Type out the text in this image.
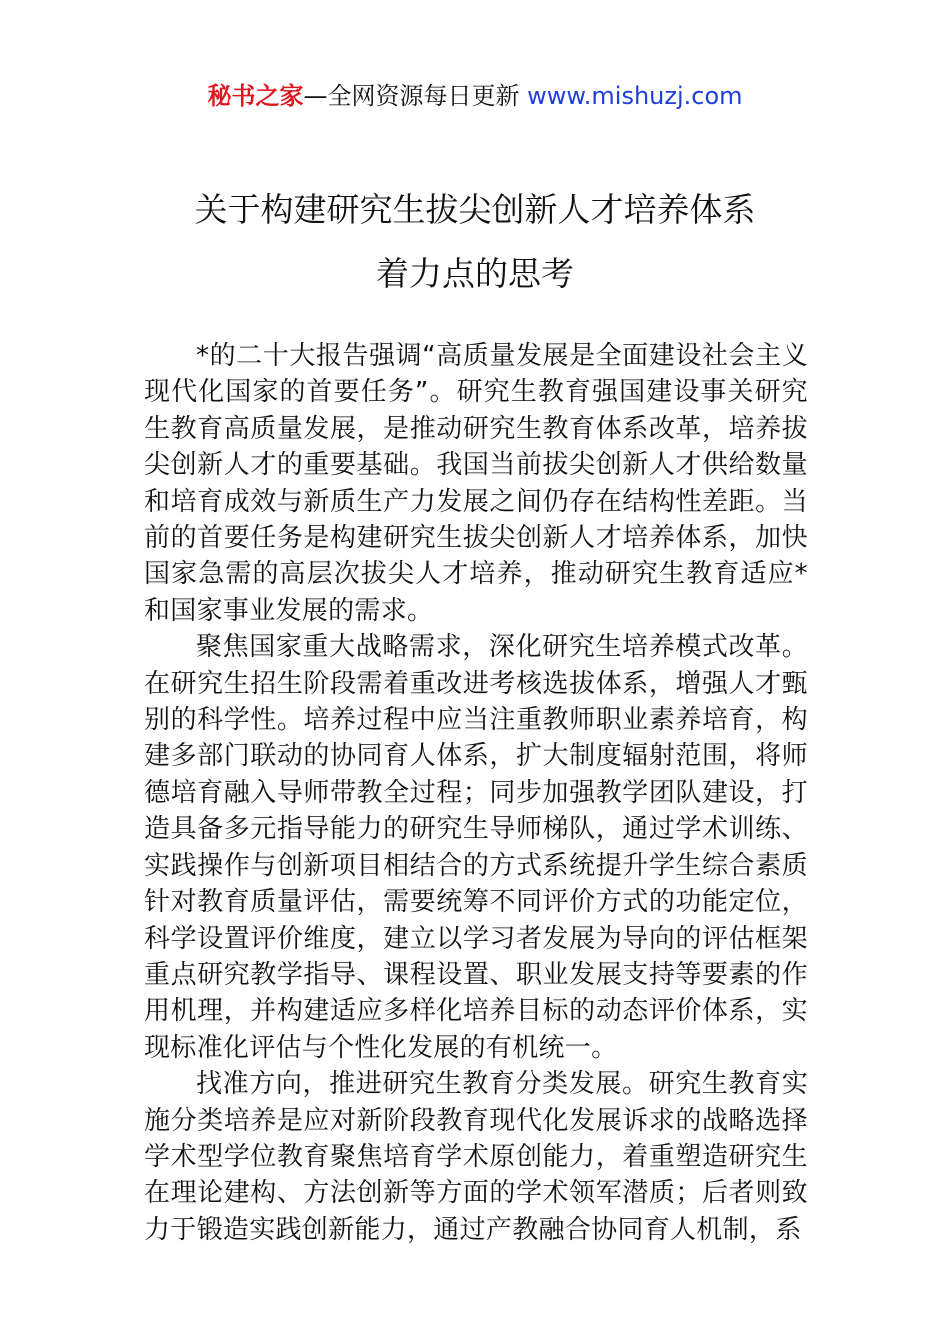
秘书之家—全网资源每日更新 www.mishuzj.com
关于构建研究生拔尖创新人才培养体系
着力点的思考

*的二十大报告强调“高质量发展是全面建设社会主义现代化国家的首要任务”。研究生教育强国建设事关研究生教育高质量发展，是推动研究生教育体系改革，培养拔尖创新人才的重要基础。我国当前拔尖创新人才供给数量和培育成效与新质生产力发展之间仍存在结构性差距。当前的首要任务是构建研究生拔尖创新人才培养体系，加快国家急需的高层次拔尖人才培养，推动研究生教育适应*和国家事业发展的需求。

聚焦国家重大战略需求，深化研究生培养模式改革。在研究生招生阶段需着重改进考核选拔体系，增强人才甄别的科学性。培养过程中应当注重教师职业素养培育，构建多部门联动的协同育人体系，扩大制度辐射范围，将师德培育融入导师带教全过程；同步加强教学团队建设，打造具备多元指导能力的研究生导师梯队，通过学术训练、实践操作与创新项目相结合的方式系统提升学生综合素质针对教育质量评估，需要统筹不同评价方式的功能定位，科学设置评价维度，建立以学习者发展为导向的评估框架重点研究教学指导、课程设置、职业发展支持等要素的作用机理，并构建适应多样化培养目标的动态评价体系，实现标准化评估与个性化发展的有机统一。

找准方向，推进研究生教育分类发展。研究生教育实施分类培养是应对新阶段教育现代化发展诉求的战略选择学术型学位教育聚焦培育学术原创能力，着重塑造研究生在理论建构、方法创新等方面的学术领军潜质；后者则致力于锻造实践创新能力，通过产教融合协同育人机制，系
